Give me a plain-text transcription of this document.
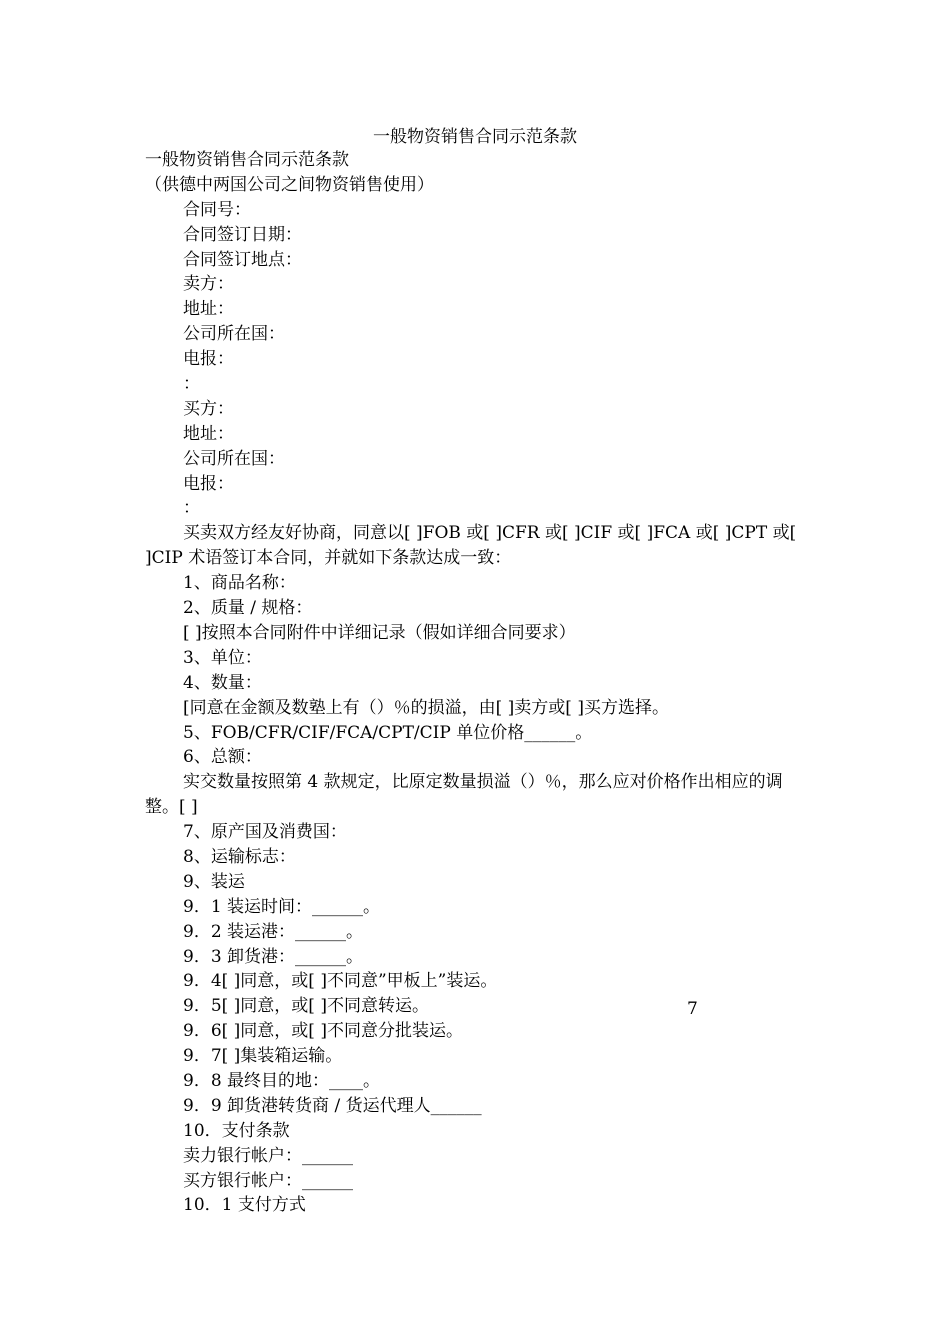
一般物资销售合同示范条款
一般物资销售合同示范条款
（供德中两国公司之间物资销售使用）
合同号：
合同签订日期：
合同签订地点：
卖方：
地址：
公司所在国：
电报：
：
买方：
地址：
公司所在国：
电报：
：
买卖双方经友好协商，同意以[ ]FOB 或[ ]CFR 或[ ]CIF 或[ ]FCA 或[ ]CPT 或[ ]CIP 术语签订本合同，并就如下条款达成一致：
1、商品名称：
2、质量 / 规格：
[ ]按照本合同附件中详细记录（假如详细合同要求）
3、单位：
4、数量：
[同意在金额及数塾上有（）％的损溢，由[ ]卖方或[ ]买方选择。
5、FOB/CFR/CIF/FCA/CPT/CIP 单位价格______。
6、总额：
实交数量按照第 4 款规定，比原定数量损溢（）％，那么应对价格作出相应的调整。[ ]
7、原产国及消费国：
8、运输标志：
9、装运
9．1 装运时间：______。
9．2 装运港：______。
9．3 卸货港：______。
9．4[ ]同意，或[ ]不同意”甲板上”装运。
9．5[ ]同意，或[ ]不同意转运。
9．6[ ]同意，或[ ]不同意分批装运。
9．7[ ]集装箱运输。
9．8 最终目的地：____。
9．9 卸货港转货商 / 货运代理人______
10．支付条款
卖力银行帐户：______
买方银行帐户：______
10．1 支付方式
7
